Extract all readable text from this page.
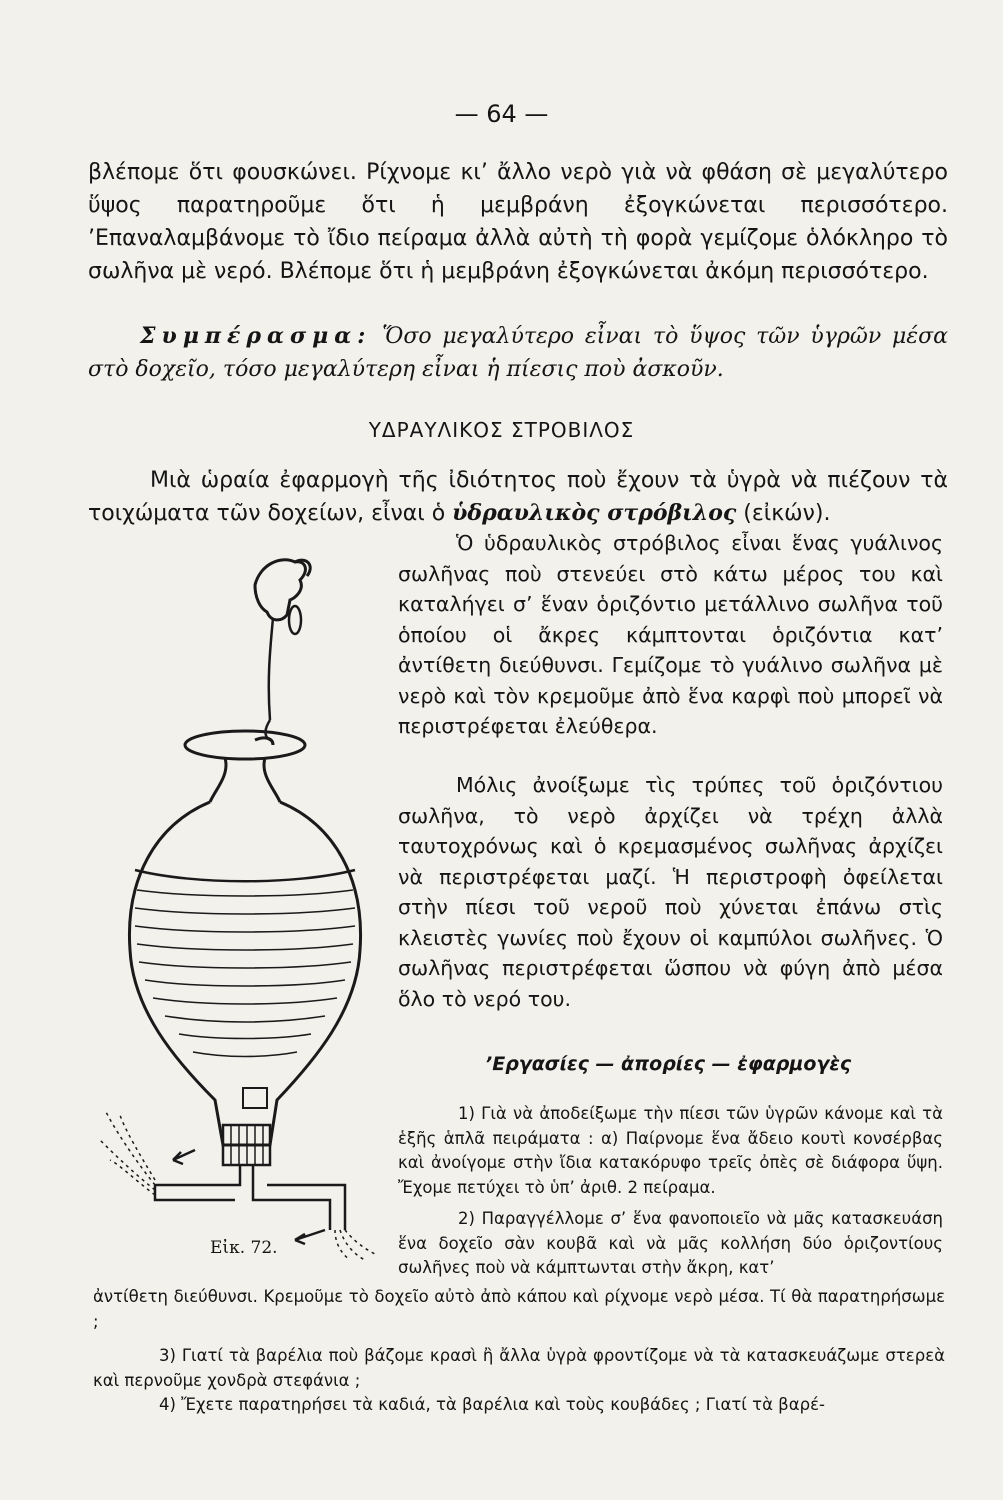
— 64 —

βλέπομε ὅτι φουσκώνει. Ρίχνομε κι’ ἄλλο νερὸ γιὰ νὰ φθάση σὲ μεγαλύτερο ὕψος παρατηροῦμε ὅτι ἡ μεμβράνη ἐξογκώνεται περισσότερο. ’Επαναλαμβάνομε τὸ ἴδιο πείραμα ἀλλὰ αὐτὴ τὴ φορὰ γεμίζομε ὁλόκληρο τὸ σωλῆνα μὲ νερό. Βλέπομε ὅτι ἡ μεμβράνη ἐξογκώνεται ἀκόμη περισσότερο.

Συμπέρασμα: Ὅσο μεγαλύτερο εἶναι τὸ ὕψος τῶν ὑγρῶν μέσα στὸ δοχεῖο, τόσο μεγαλύτερη εἶναι ἡ πίεσις ποὺ ἀσκοῦν.

ΥΔΡΑΥΛΙΚΟΣ ΣΤΡΟΒΙΛΟΣ

Μιὰ ὡραία ἐφαρμογὴ τῆς ἰδιότητος ποὺ ἔχουν τὰ ὑγρὰ νὰ πιέζουν τὰ τοιχώματα τῶν δοχείων, εἶναι ὁ ὑδραυλικὸς στρόβιλος (εἰκών).

Ὁ ὑδραυλικὸς στρόβιλος εἶναι ἕνας γυάλινος σωλῆνας ποὺ στενεύει στὸ κάτω μέρος του καὶ καταλήγει σ’ ἕναν ὁριζόντιο μετάλλινο σωλῆνα τοῦ ὁποίου οἱ ἄκρες κάμπτονται ὁριζόντια κατ’ ἀντίθετη διεύθυνσι. Γεμίζομε τὸ γυάλινο σωλῆνα μὲ νερὸ καὶ τὸν κρεμοῦμε ἀπὸ ἕνα καρφὶ ποὺ μπορεῖ νὰ περιστρέφεται ἐλεύθερα.

Μόλις ἀνοίξωμε τὶς τρύπες τοῦ ὁριζόντιου σωλῆνα, τὸ νερὸ ἀρχίζει νὰ τρέχη ἀλλὰ ταυτοχρόνως καὶ ὁ κρεμασμένος σωλῆνας ἀρχίζει νὰ περιστρέφεται μαζί. Ἡ περιστροφὴ ὀφείλεται στὴν πίεσι τοῦ νεροῦ ποὺ χύνεται ἐπάνω στὶς κλειστὲς γωνίες ποὺ ἔχουν οἱ καμπύλοι σωλῆνες. Ὁ σωλῆνας περιστρέφεται ὥσπου νὰ φύγη ἀπὸ μέσα ὅλο τὸ νερό του.

Εἰκ. 72.
’Εργασίες — ἀπορίες — ἐφαρμογὲς

1) Γιὰ νὰ ἀποδείξωμε τὴν πίεσι τῶν ὑγρῶν κάνομε καὶ τὰ ἑξῆς ἁπλᾶ πειράματα : α) Παίρνομε ἕνα ἄδειο κουτὶ κονσέρβας καὶ ἀνοίγομε στὴν ἴδια κατακόρυφο τρεῖς ὀπὲς σὲ διάφορα ὕψη. Ἔχομε πετύχει τὸ ὑπ’ ἀριθ. 2 πείραμα.

2) Παραγγέλλομε σ’ ἕνα φανοποιεῖο νὰ μᾶς κατασκευάση ἕνα δοχεῖο σὰν κουβᾶ καὶ νὰ μᾶς κολλήση δύο ὁριζοντίους σωλῆνες ποὺ νὰ κάμπτωνται στὴν ἄκρη, κατ’

ἀντίθετη διεύθυνσι. Κρεμοῦμε τὸ δοχεῖο αὐτὸ ἀπὸ κάπου καὶ ρίχνομε νερὸ μέσα. Τί θὰ παρατηρήσωμε ;

3) Γιατί τὰ βαρέλια ποὺ βάζομε κρασὶ ἢ ἄλλα ὑγρὰ φροντίζομε νὰ τὰ κατασκευάζωμε στερεὰ καὶ περνοῦμε χονδρὰ στεφάνια ;

4) Ἔχετε παρατηρήσει τὰ καδιά, τὰ βαρέλια καὶ τοὺς κουβάδες ; Γιατί τὰ βαρέ-
